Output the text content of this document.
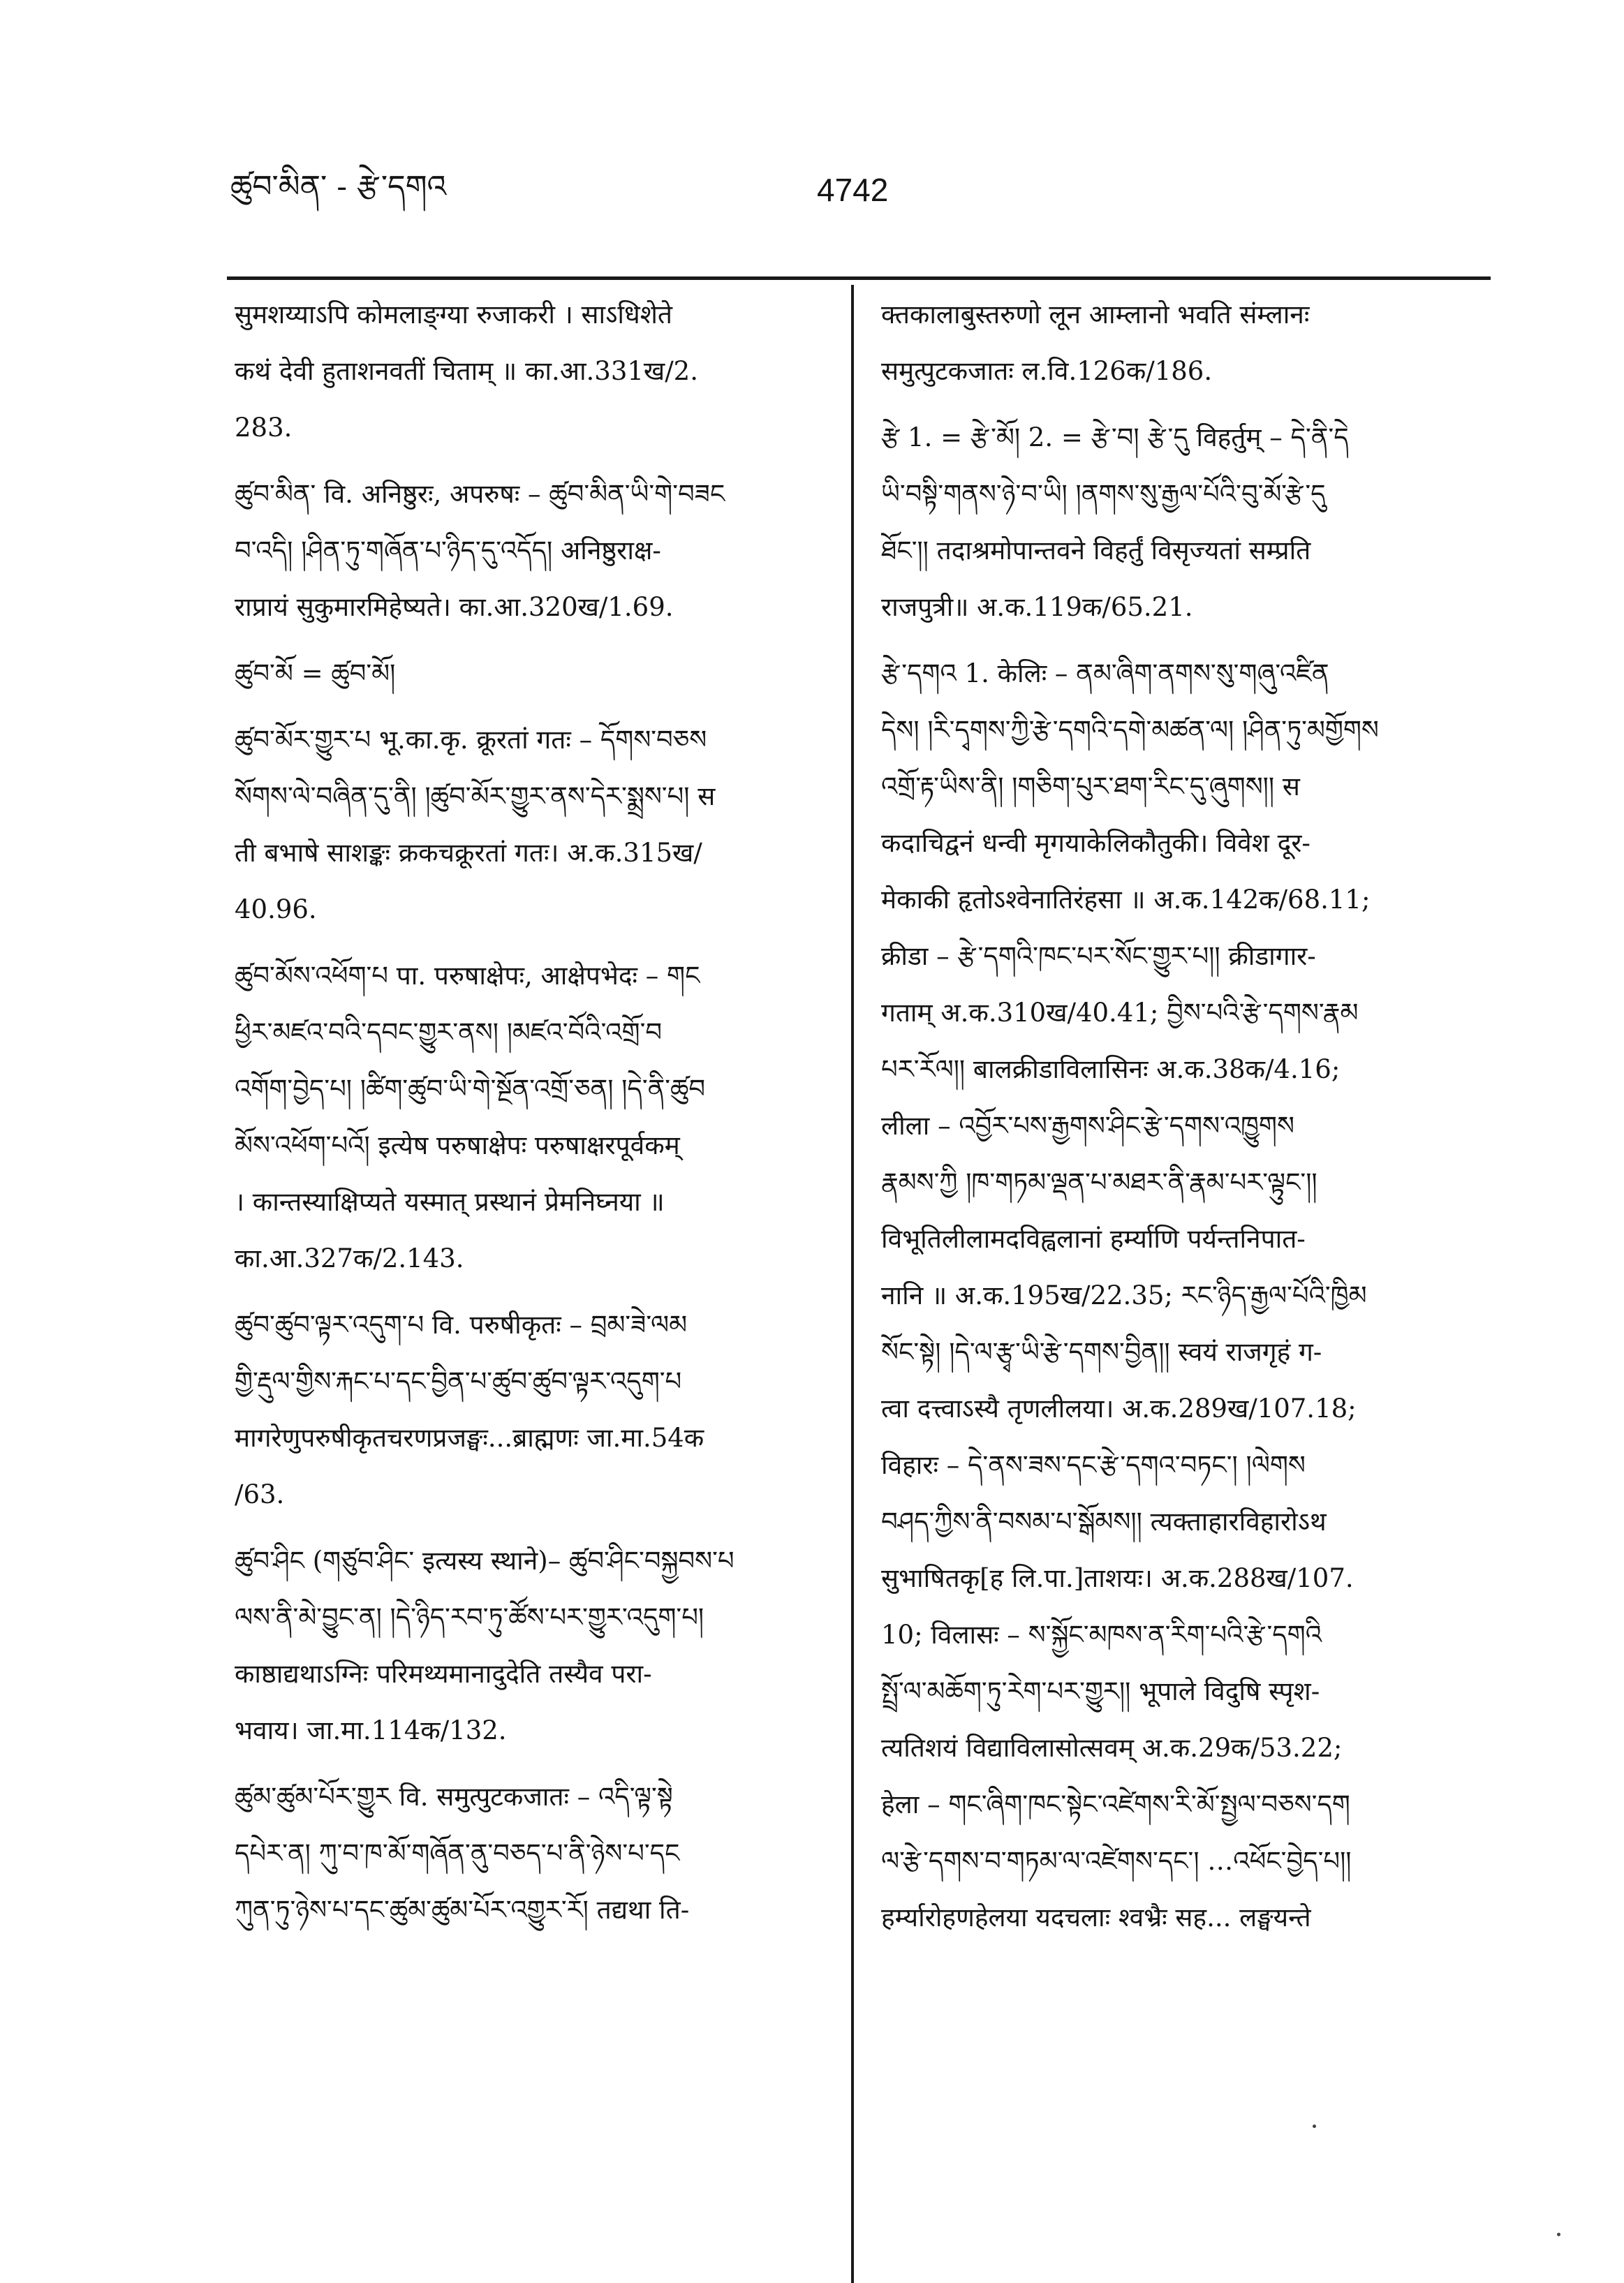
ཚུབ་མིན་ - རྩེ་དགའ	4742
सुमशय्याऽपि कोमलाङ्ग्या रुजाकरी । साऽधिशेते
कथं देवी हुताशनवतीं चिताम् ॥ का.आ.331ख/2.
283.
ཚུབ་མིན་ वि. अनिष्ठुरः, अपरुषः – ཚུབ་མིན་ཡི་གེ་བཟང
བ་འདི། །ཤིན་ཏུ་གཞོན་པ་ཉིད་དུ་འདོད། अनिष्ठुराक्ष-
राप्रायं सुकुमारमिहेष्यते। का.आ.320ख/1.69.
ཚུབ་མོ = ཚུབ་མོ།
ཚུབ་མོར་གྱུར་པ भू.का.कृ. क्रूरतां गतः – དོགས་བཅས
སོགས་ལེ་བཞིན་དུ་ནི། །ཚུབ་མོར་གྱུར་ནས་དེར་སྨྲས་པ། स
ती बभाषे साशङ्कः क्रकचक्रूरतां गतः। अ.क.315ख/
40.96.
ཚུབ་མོས་འཕོག་པ पा. परुषाक्षेपः, आक्षेपभेदः – གང
ཕྱིར་མཛའ་བའི་དབང་གྱུར་ནས། །མཛའ་བོའི་འགྲོ་བ
འགོག་བྱེད་པ། །ཚིག་ཚུབ་ཡི་གེ་སྔོན་འགྲོ་ཅན། །དེ་ནི་ཚུབ
མོས་འཕོག་པའོ། इत्येष परुषाक्षेपः परुषाक्षरपूर्वकम्
। कान्तस्याक्षिप्यते यस्मात् प्रस्थानं प्रेमनिघ्नया ॥
का.आ.327क/2.143.
ཚུབ་ཚུབ་ལྟར་འདུག་པ वि. परुषीकृतः – བྲམ་ཟེ་ལམ
གྱི་རྡུལ་གྱིས་རྐང་པ་དང་བྱིན་པ་ཚུབ་ཚུབ་ལྟར་འདུག་པ
मागरेणुपरुषीकृतचरणप्रजङ्घः...ब्राह्मणः जा.मा.54क
/63.
ཚུབ་ཤིང (གཙུབ་ཤིང་ इत्यस्य स्थाने)– ཚུབ་ཤིང་བསྐྱབས་པ
ལས་ནི་མེ་བྱུང་ན། །དེ་ཉིད་རབ་ཏུ་ཚོས་པར་གྱུར་འདུག་པ།
काष्ठाद्यथाऽग्निः परिमथ्यमानादुदेति तस्यैव परा-
भवाय। जा.मा.114क/132.
ཚུམ་ཚུམ་པོར་གྱུར वि. समुत्पुटकजातः – འདི་ལྟ་སྟེ
དཔེར་ན། ཀུ་བ་ཁ་མོ་གཞོན་ནུ་བཅད་པ་ནི་ཉེས་པ་དང
ཀུན་ཏུ་ཉེས་པ་དང་ཚུམ་ཚུམ་པོར་འགྱུར་རོ། तद्यथा ति-
क्तकालाबुस्तरुणो लून आम्लानो भवति संम्लानः
समुत्पुटकजातः ल.वि.126क/186.
རྩེ 1. = རྩེ་མོ། 2. = རྩེ་བ། རྩེ་དུ विहर्तुम् – དེ་ནི་དེ
ཡི་བསྟི་གནས་ཉེ་བ་ཡི། །ནགས་སུ་རྒྱལ་པོའི་བུ་མོ་རྩེ་དུ
ཐོང་།། तदाश्रमोपान्तवने विहर्तुं विसृज्यतां सम्प्रति
राजपुत्री॥ अ.क.119क/65.21.
རྩེ་དགའ 1. केलिः – ནམ་ཞིག་ནགས་སུ་གཞུ་འཛིན
དེས། །རི་དྭགས་ཀྱི་རྩེ་དགའི་དགེ་མཚན་ལ། །ཤིན་ཏུ་མགྱོགས
འགྲོ་རྟ་ཡིས་ནི། །གཅིག་པུར་ཐག་རིང་དུ་ཞུགས།། स
कदाचिद्वनं धन्वी मृगयाकेलिकौतुकी। विवेश दूर-
मेकाकी हृतोऽश्वेनातिरंहसा ॥ अ.क.142क/68.11;
क्रीडा – རྩེ་དགའི་ཁང་པར་སོང་གྱུར་པ།། क्रीडागार-
गताम् अ.क.310ख/40.41; བྱིས་པའི་རྩེ་དགས་རྣམ
པར་རོལ།། बालक्रीडाविलासिनः अ.क.38क/4.16;
लीला – འབྱོར་པས་རྒྱགས་ཤིང་རྩེ་དགས་འཁྱུགས
རྣམས་ཀྱི །ཁ་གཏམ་ལྡན་པ་མཐར་ནི་རྣམ་པར་ལྟུང་།།
विभूतिलीलामदविह्वलानां हर्म्याणि पर्यन्तनिपात-
नानि ॥ अ.क.195ख/22.35; རང་ཉིད་རྒྱལ་པོའི་ཁྱིམ
སོང་སྟེ། །དེ་ལ་རྩྭ་ཡི་རྩེ་དགས་བྱིན།། स्वयं राजगृहं ग-
त्वा दत्त्वाऽस्यै तृणलीलया। अ.क.289ख/107.18;
विहारः – དེ་ནས་ཟས་དང་རྩེ་དགའ་བཏང་། །ལེགས
བཤད་ཀྱིས་ནི་བསམ་པ་སྒོམས།། त्यक्ताहारविहारोऽथ
सुभाषितकृ[ह लि.पा.]ताशयः। अ.क.288ख/107.
10; विलासः – ས་སྐྱོང་མཁས་ན་རིག་པའི་རྩེ་དགའི
སྤྲོ་ལ་མཆོག་ཏུ་རེག་པར་གྱུར།། भूपाले विदुषि स्पृश-
त्यतिशयं विद्याविलासोत्सवम् अ.क.29क/53.22;
हेला – གང་ཞིག་ཁང་སྟེང་འཛེགས་རི་མོ་སྤྱལ་བཅས་དག
ལ་རྩེ་དགས་བ་གཏམ་ལ་འཛེགས་དང་། …འཕོང་བྱེད་པ།།
हर्म्यारोहणहेलया यदचलाः श्वभ्रैः सह... लङ्घयन्ते
